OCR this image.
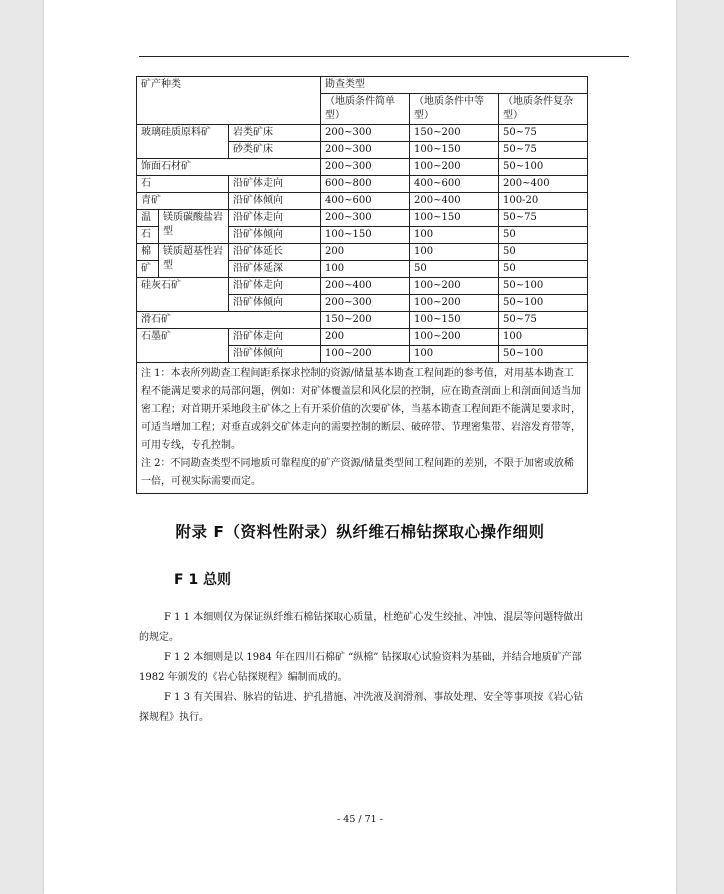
矿产种类			勘查类型		
			（地质条件简单型）	（地质条件中等型）	（地质条件复杂型）
玻璃硅质原料矿		岩类矿床	200~300	150~200	50~75
		砂类矿床	200~300	100~150	50~75
饰面石材矿			200~300	100~200	50~100
石		沿矿体走向	600~800	400~600	200~400
青矿		沿矿体倾向	400~600	200~400	100-20
温	镁质碳酸盐岩型	沿矿体走向	200~300	100~150	50~75
石		沿矿体倾向	100~150	100	50
棉	镁质超基性岩型	沿矿体延长	200	100	50
矿		沿矿体延深	100	50	50
硅灰石矿		沿矿体走向	200~400	100~200	50~100
		沿矿体倾向	200~300	100~200	50~100
滑石矿			150~200	100~150	50~75
石墨矿		沿矿体走向	200	100~200	100
		沿矿体倾向	100~200	100	50~100

注 1：本表所列勘查工程间距系探求控制的资源/储量基本勘查工程间距的参考值，对用基本勘查工程不能满足要求的局部问题，例如：对矿体覆盖层和风化层的控制，应在勘查剖面上和剖面间适当加密工程；对首期开采地段主矿体之上有开采价值的次要矿体，当基本勘查工程间距不能满足要求时，可适当增加工程；对垂直或斜交矿体走向的需要控制的断层、破碎带、节理密集带、岩溶发育带等，可用专线，专孔控制。

注 2：不同勘查类型不同地质可靠程度的矿产资源/储量类型间工程间距的差别，不限于加密或放稀一倍，可视实际需要而定。					

附录 F（资料性附录）纵纤维石棉钻探取心操作细则
F 1 总则

F 1 1 本细则仅为保证纵纤维石棉钻探取心质量，杜绝矿心发生绞扯、冲蚀、混层等问题特做出的规定。

F 1 2 本细则是以 1984 年在四川石棉矿 “纵棉” 钻探取心试验资料为基础，并结合地质矿产部 1982 年颁发的《岩心钻探规程》编制而成的。

F 1 3 有关围岩、脉岩的钻进、护孔措施、冲洗液及润滑剂、事故处理、安全等事项按《岩心钻探规程》执行。

- 45 / 71 -
